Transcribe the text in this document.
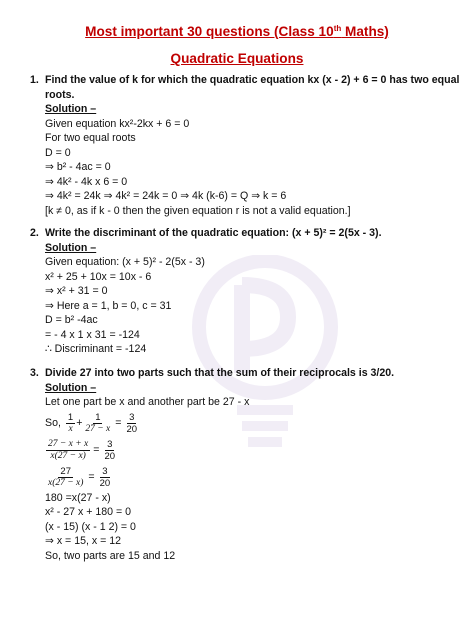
Most important 30 questions (Class 10th Maths)
Quadratic Equations
1. Find the value of k for which the quadratic equation kx (x - 2) + 6 = 0 has two equal roots.
Solution –
Given equation kx²-2kx + 6 = 0
For two equal roots
D = 0
⇒ b² - 4ac = 0
⇒ 4k² - 4k x 6 = 0
⇒ 4k² = 24k ⇒ 4k² = 24k = 0 ⇒ 4k (k-6) = Q ⇒ k = 6
[k ≠ 0, as if k - 0 then the given equation r is not a valid equation.]
2. Write the discriminant of the quadratic equation: (x + 5)² = 2(5x - 3).
Solution –
Given equation: (x + 5)² - 2(5x - 3)
x² + 25 + 10x = 10x - 6
⇒ x² + 31 = 0
⇒ Here a = 1, b = 0, c = 31
D = b² -4ac
= - 4 x 1 x 31 = -124
∴ Discriminant = -124
3. Divide 27 into two parts such that the sum of their reciprocals is 3/20.
Solution –
Let one part be x and another part be 27 - x
So, $\frac{1}{x} + \frac{1}{27 - x} = \frac{3}{20}$
$\frac{27 - x + x}{x(27 - x)} = \frac{3}{20}$
$\frac{27}{x(27 - x)} = \frac{3}{20}$
180 =x(27 - x)
x² - 27 x + 180 = 0
(x - 15) (x - 1 2) = 0
⇒ x = 15, x = 12
So, two parts are 15 and 12
